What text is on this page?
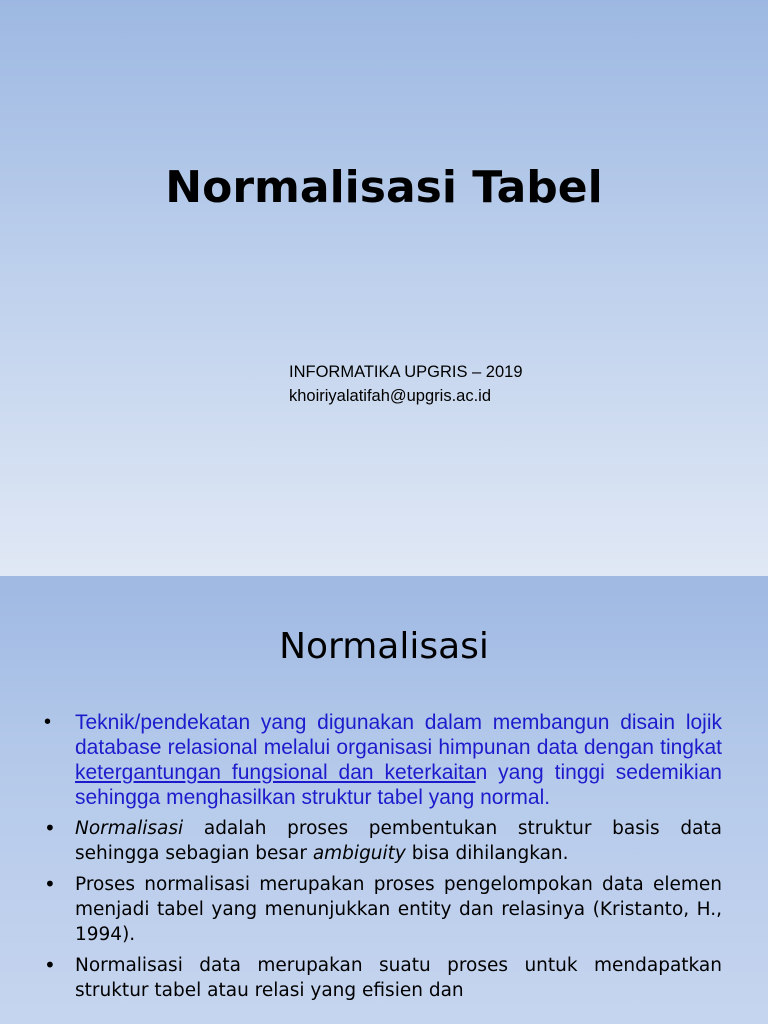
Normalisasi Tabel
INFORMATIKA UPGRIS – 2019
khoiriyalatifah@upgris.ac.id
Normalisasi
• Teknik/pendekatan yang digunakan dalam membangun disain lojik database relasional melalui organisasi himpunan data dengan tingkat ketergantungan fungsional dan keterkaitan yang tinggi sedemikian sehingga menghasilkan struktur tabel yang normal.
• Normalisasi adalah proses pembentukan struktur basis data sehingga sebagian besar ambiguity bisa dihilangkan.
• Proses normalisasi merupakan proses pengelompokan data elemen menjadi tabel yang menunjukkan entity dan relasinya (Kristanto, H., 1994).
• Normalisasi data merupakan suatu proses untuk mendapatkan struktur tabel atau relasi yang efisien dan
